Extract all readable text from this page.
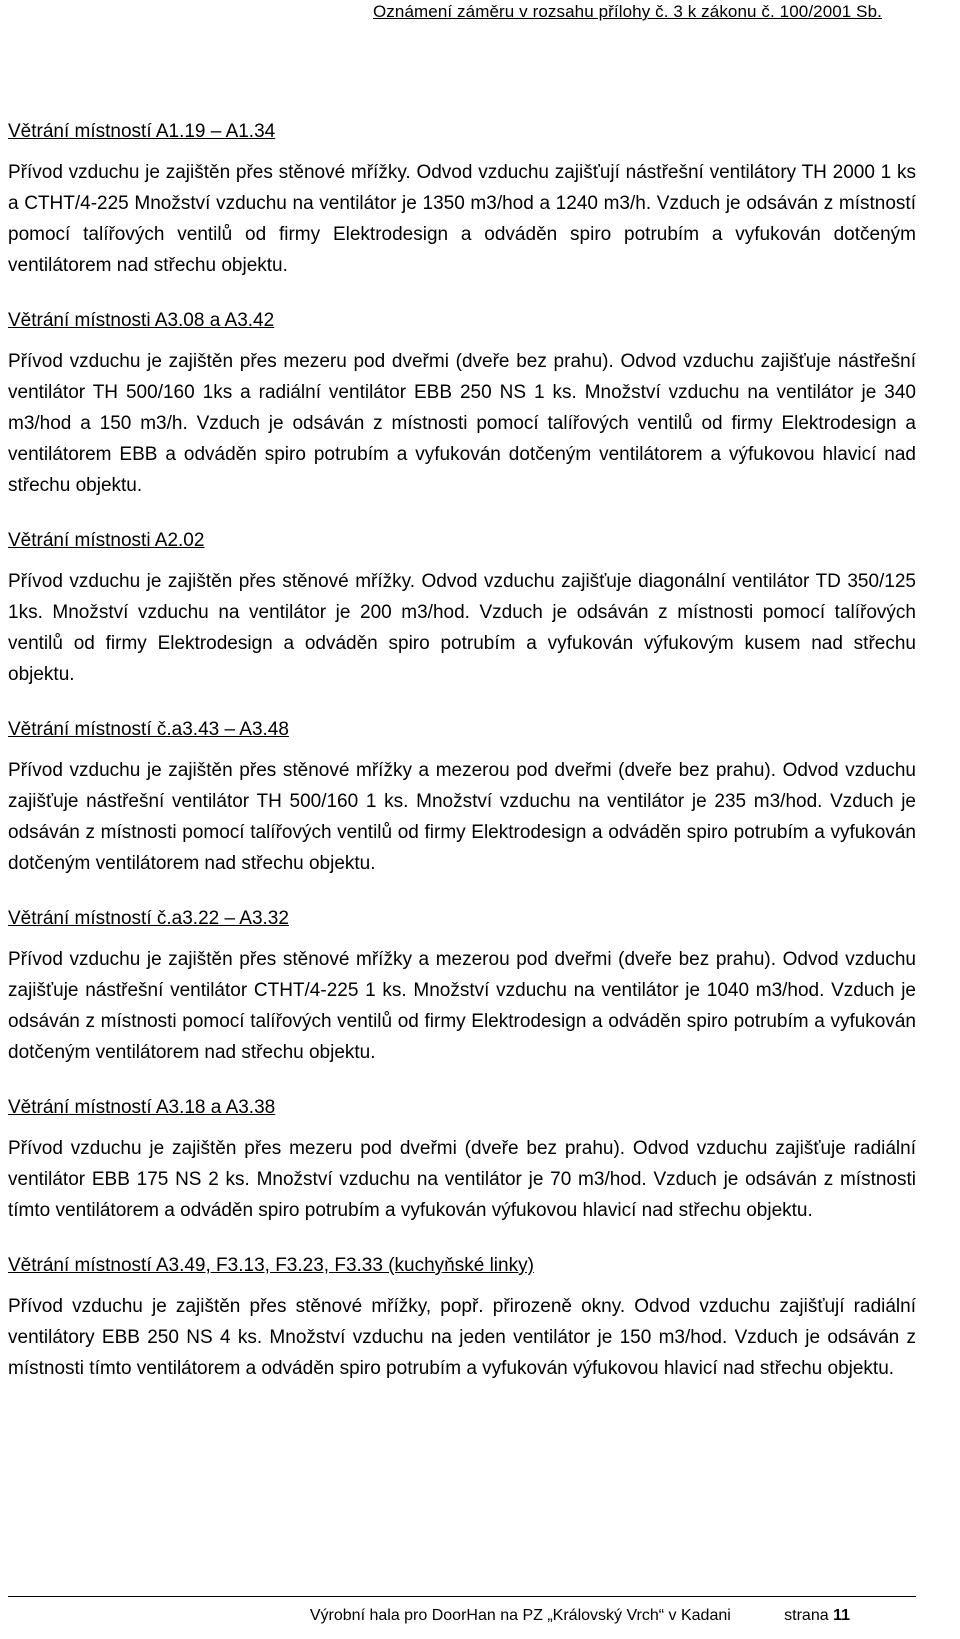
Oznámení záměru v rozsahu přílohy č. 3 k zákonu č. 100/2001 Sb.
Větrání místností A1.19 – A1.34

Přívod vzduchu je zajištěn přes stěnové mřížky. Odvod vzduchu zajišťují nástřešní ventilátory TH 2000 1 ks a CTHT/4-225 Množství vzduchu na ventilátor je 1350 m3/hod a 1240 m3/h. Vzduch je odsáván z místností pomocí talířových ventilů od firmy Elektrodesign a odváděn spiro potrubím a vyfukován dotčeným ventilátorem nad střechu objektu.

Větrání místnosti A3.08 a A3.42

Přívod vzduchu je zajištěn přes mezeru pod dveřmi (dveře bez prahu). Odvod vzduchu zajišťuje nástřešní ventilátor TH 500/160 1ks a radiální ventilátor EBB 250 NS 1 ks. Množství vzduchu na ventilátor je 340 m3/hod a 150 m3/h. Vzduch je odsáván z místnosti pomocí talířových ventilů od firmy Elektrodesign a ventilátorem EBB a odváděn spiro potrubím a vyfukován dotčeným ventilátorem a výfukovou hlavicí nad střechu objektu.

Větrání místnosti A2.02

Přívod vzduchu je zajištěn přes stěnové mřížky. Odvod vzduchu zajišťuje diagonální ventilátor TD 350/125 1ks. Množství vzduchu na ventilátor je 200 m3/hod. Vzduch je odsáván z místnosti pomocí talířových ventilů od firmy Elektrodesign a odváděn spiro potrubím a vyfukován výfukovým kusem nad střechu objektu.

Větrání místností č.a3.43 – A3.48

Přívod vzduchu je zajištěn přes stěnové mřížky a mezerou pod dveřmi (dveře bez prahu). Odvod vzduchu zajišťuje nástřešní ventilátor TH 500/160 1 ks. Množství vzduchu na ventilátor je 235 m3/hod. Vzduch je odsáván z místnosti pomocí talířových ventilů od firmy Elektrodesign a odváděn spiro potrubím a vyfukován dotčeným ventilátorem nad střechu objektu.

Větrání místností č.a3.22 – A3.32

Přívod vzduchu je zajištěn přes stěnové mřížky a mezerou pod dveřmi (dveře bez prahu). Odvod vzduchu zajišťuje nástřešní ventilátor CTHT/4-225 1 ks. Množství vzduchu na ventilátor je 1040 m3/hod. Vzduch je odsáván z místnosti pomocí talířových ventilů od firmy Elektrodesign a odváděn spiro potrubím a vyfukován dotčeným ventilátorem nad střechu objektu.

Větrání místností A3.18 a A3.38

Přívod vzduchu je zajištěn přes mezeru pod dveřmi (dveře bez prahu). Odvod vzduchu zajišťuje radiální ventilátor EBB 175 NS 2 ks. Množství vzduchu na ventilátor je 70 m3/hod. Vzduch je odsáván z místnosti tímto ventilátorem a odváděn spiro potrubím a vyfukován výfukovou hlavicí nad střechu objektu.

Větrání místností A3.49, F3.13, F3.23, F3.33 (kuchyňské linky)

Přívod vzduchu je zajištěn přes stěnové mřížky, popř. přirozeně okny. Odvod vzduchu zajišťují radiální ventilátory EBB 250 NS 4 ks. Množství vzduchu na jeden ventilátor je 150 m3/hod. Vzduch je odsáván z místnosti tímto ventilátorem a odváděn spiro potrubím a vyfukován výfukovou hlavicí nad střechu objektu.

Výrobní hala pro DoorHan na PZ „Královský Vrch“ v Kadani	strana 11
